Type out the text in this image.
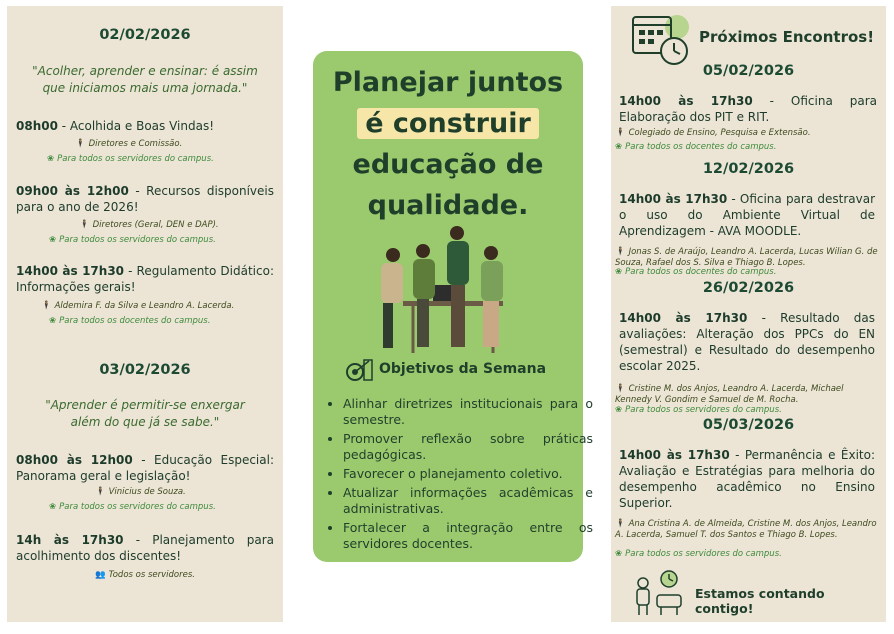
02/02/2026
"Acolher, aprender e ensinar: é assim que iniciamos mais uma jornada."
08h00 - Acolhida e Boas Vindas!
🕴 Diretores e Comissão.
❀ Para todos os servidores do campus.
09h00 às 12h00 - Recursos disponíveis para o ano de 2026!
🕴 Diretores (Geral, DEN e DAP).
❀ Para todos os servidores do campus.
14h00 às 17h30 - Regulamento Didático: Informações gerais!
🕴 Aldemira F. da Silva e Leandro A. Lacerda.
❀ Para todos os docentes do campus.
03/02/2026
"Aprender é permitir-se enxergar além do que já se sabe."
08h00 às 12h00 - Educação Especial: Panorama geral e legislação!
🕴 Vinicius de Souza.
❀ Para todos os servidores do campus.
14h às 17h30 - Planejamento para acolhimento dos discentes!
👥 Todos os servidores.
Planejar juntos
é construir
educação de
qualidade.
Objetivos da Semana
• Alinhar diretrizes institucionais para o semestre.
• Promover reflexão sobre práticas pedagógicas.
• Favorecer o planejamento coletivo.
• Atualizar informações acadêmicas e administrativas.
• Fortalecer a integração entre os servidores docentes.
Próximos Encontros!
05/02/2026
14h00 às 17h30 - Oficina para Elaboração dos PIT e RIT.
🕴 Colegiado de Ensino, Pesquisa e Extensão.
❀ Para todos os docentes do campus.
12/02/2026
14h00 às 17h30 - Oficina para destravar o uso do Ambiente Virtual de Aprendizagem - AVA MOODLE.
🕴 Jonas S. de Araújo, Leandro A. Lacerda, Lucas Wilian G. de Souza, Rafael dos S. Silva e Thiago B. Lopes.
❀ Para todos os docentes do campus.
26/02/2026
14h00 às 17h30 - Resultado das avaliações: Alteração dos PPCs do EN (semestral) e Resultado do desempenho escolar 2025.
🕴 Cristine M. dos Anjos, Leandro A. Lacerda, Michael Kennedy V. Gondim e Samuel de M. Rocha.
❀ Para todos os servidores do campus.
05/03/2026
14h00 às 17h30 - Permanência e Êxito: Avaliação e Estratégias para melhoria do desempenho acadêmico no Ensino Superior.
🕴 Ana Cristina A. de Almeida, Cristine M. dos Anjos, Leandro A. Lacerda, Samuel T. dos Santos e Thiago B. Lopes.
❀ Para todos os servidores do campus.
Estamos contando contigo!
